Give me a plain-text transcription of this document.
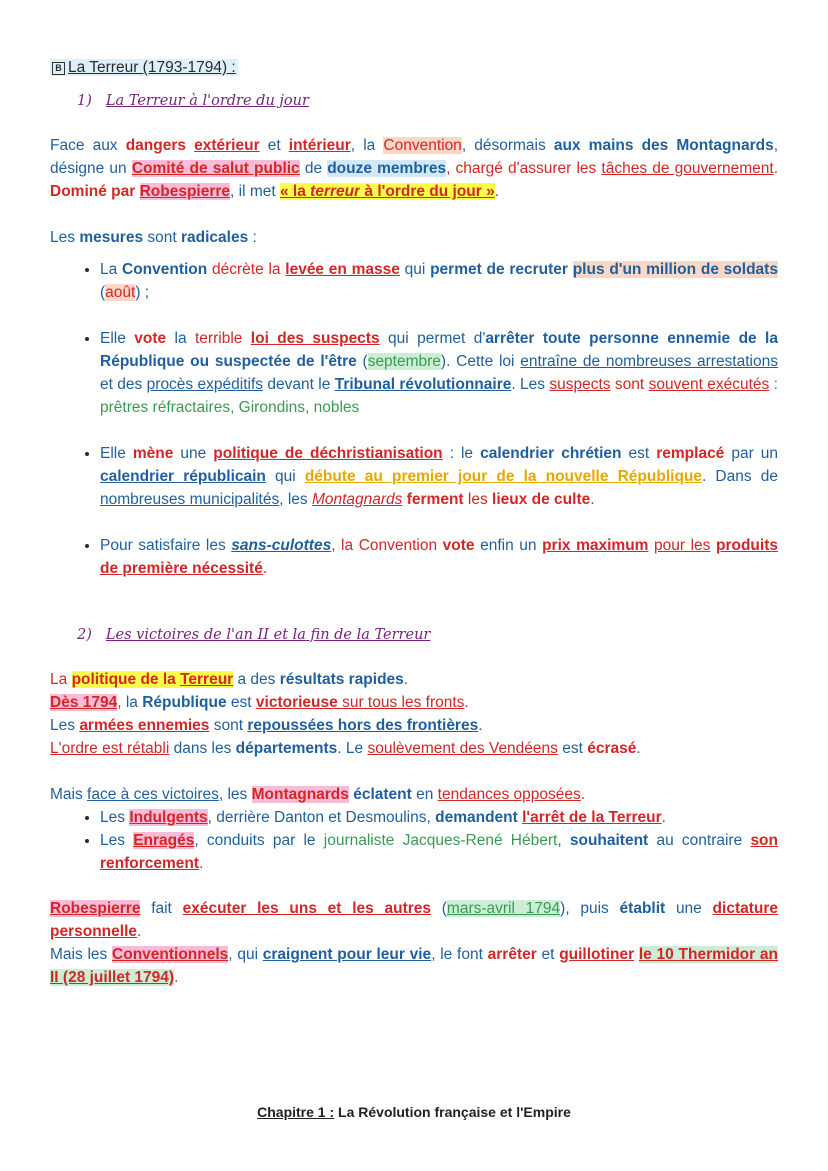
B La Terreur (1793-1794) :
1) La Terreur à l'ordre du jour
Face aux dangers extérieur et intérieur, la Convention, désormais aux mains des Montagnards, désigne un Comité de salut public de douze membres, chargé d'assurer les tâches de gouvernement. Dominé par Robespierre, il met « la terreur à l'ordre du jour ».
Les mesures sont radicales :
• La Convention décrète la levée en masse qui permet de recruter plus d'un million de soldats (août) ;
• Elle vote la terrible loi des suspects qui permet d'arrêter toute personne ennemie de la République ou suspectée de l'être (septembre). Cette loi entraîne de nombreuses arrestations et des procès expéditifs devant le Tribunal révolutionnaire. Les suspects sont souvent exécutés : prêtres réfractaires, Girondins, nobles
• Elle mène une politique de déchristianisation : le calendrier chrétien est remplacé par un calendrier républicain qui débute au premier jour de la nouvelle République. Dans de nombreuses municipalités, les Montagnards ferment les lieux de culte.
• Pour satisfaire les sans-culottes, la Convention vote enfin un prix maximum pour les produits de première nécessité.
2) Les victoires de l'an II et la fin de la Terreur
La politique de la Terreur a des résultats rapides.
Dès 1794, la République est victorieuse sur tous les fronts.
Les armées ennemies sont repoussées hors des frontières.
L'ordre est rétabli dans les départements. Le soulèvement des Vendéens est écrasé.
Mais face à ces victoires, les Montagnards éclatent en tendances opposées.
• Les Indulgents, derrière Danton et Desmoulins, demandent l'arrêt de la Terreur.
• Les Enragés, conduits par le journaliste Jacques-René Hébert, souhaitent au contraire son renforcement.
Robespierre fait exécuter les uns et les autres (mars-avril 1794), puis établit une dictature personnelle.
Mais les Conventionnels, qui craignent pour leur vie, le font arrêter et guillotiner le 10 Thermidor an II (28 juillet 1794).
Chapitre 1 : La Révolution française et l'Empire
